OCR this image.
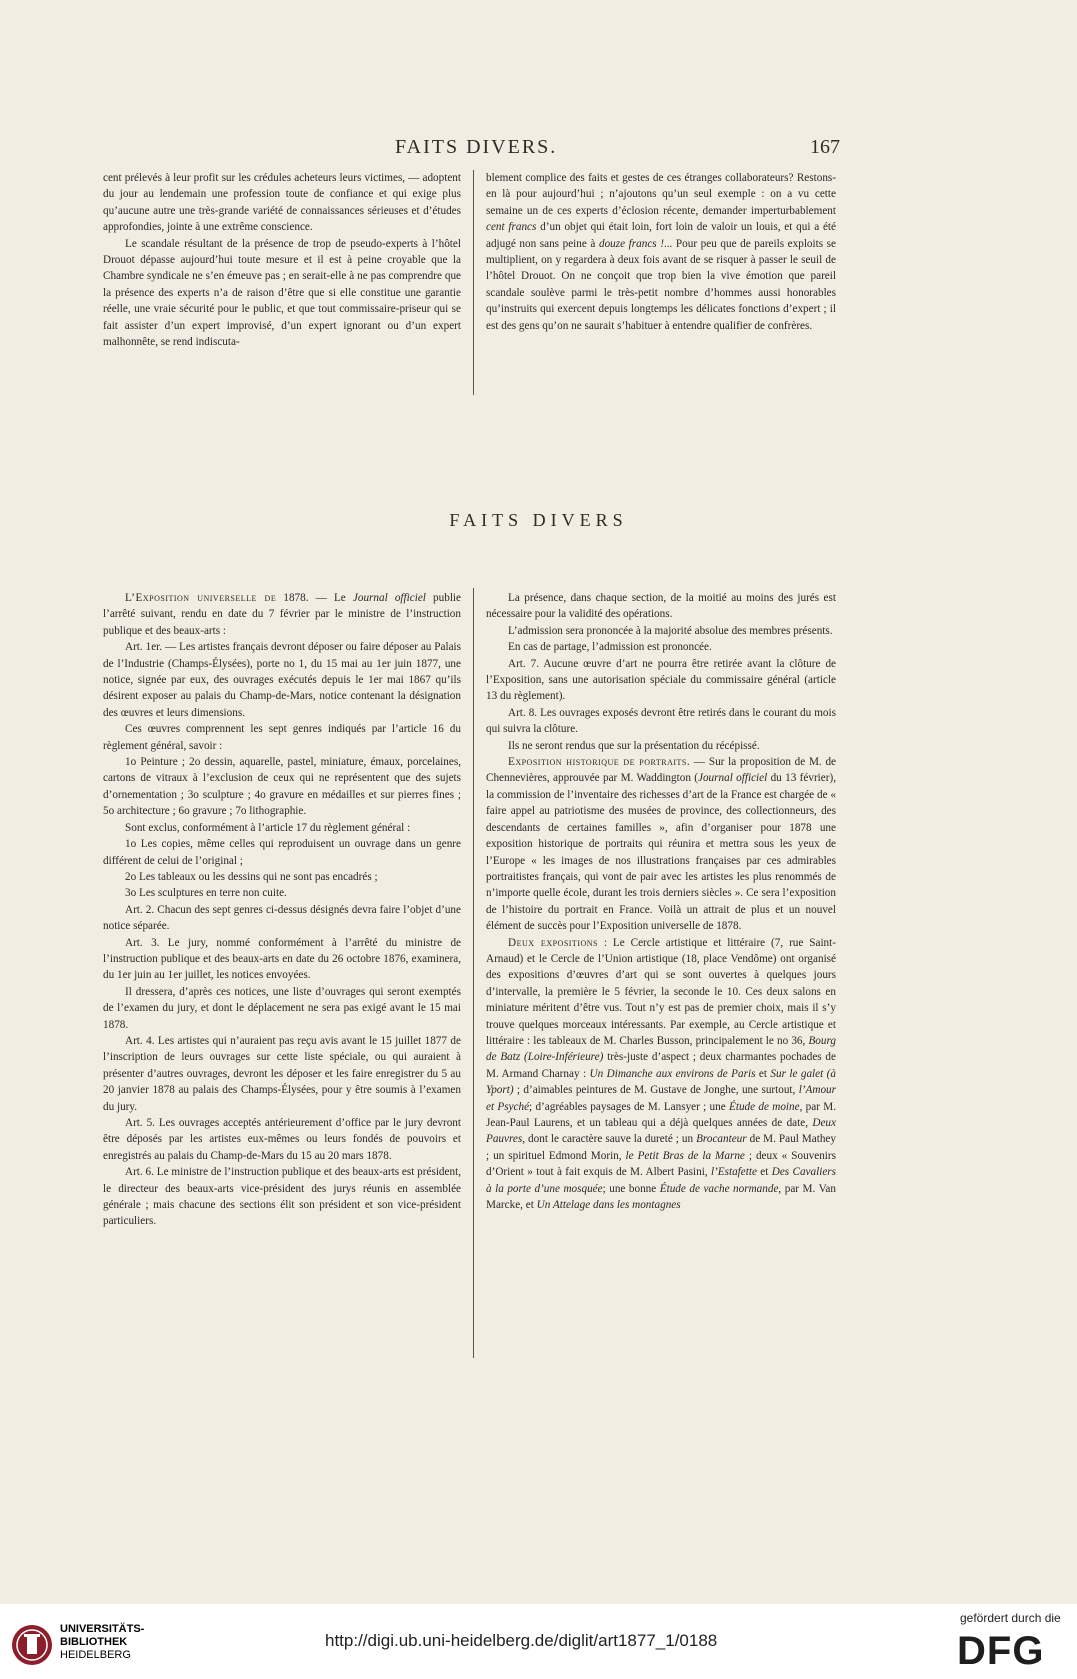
FAITS DIVERS.	167

cent prélevés à leur profit sur les crédules acheteurs leurs victimes, — adoptent du jour au lendemain une profession toute de confiance et qui exige plus qu’aucune autre une très-grande variété de connaissances sérieuses et d’études approfondies, jointe à une extrême conscience.

Le scandale résultant de la présence de trop de pseudo-experts à l’hôtel Drouot dépasse aujourd’hui toute mesure et il est à peine croyable que la Chambre syndicale ne s’en émeuve pas ; en serait-elle à ne pas comprendre que la présence des experts n’a de raison d’être que si elle constitue une garantie réelle, une vraie sécurité pour le public, et que tout commissaire-priseur qui se fait assister d’un expert improvisé, d’un expert ignorant ou d’un expert malhonnête, se rend indiscuta-

blement complice des faits et gestes de ces étranges collaborateurs? Restons-en là pour aujourd’hui ; n’ajoutons qu’un seul exemple : on a vu cette semaine un de ces experts d’éclosion récente, demander imperturbablement cent francs d’un objet qui était loin, fort loin de valoir un louis, et qui a été adjugé non sans peine à douze francs !... Pour peu que de pareils exploits se multiplient, on y regardera à deux fois avant de se risquer à passer le seuil de l’hôtel Drouot. On ne conçoit que trop bien la vive émotion que pareil scandale soulève parmi le très-petit nombre d’hommes aussi honorables qu’instruits qui exercent depuis longtemps les délicates fonctions d’expert ; il est des gens qu’on ne saurait s’habituer à entendre qualifier de confrères.

FAITS DIVERS

L’Exposition universelle de 1878. — Le Journal officiel publie l’arrêté suivant, rendu en date du 7 février par le ministre de l’instruction publique et des beaux-arts :

Art. 1er. — Les artistes français devront déposer ou faire déposer au Palais de l’Industrie (Champs-Élysées), porte no 1, du 15 mai au 1er juin 1877, une notice, signée par eux, des ouvrages exécutés depuis le 1er mai 1867 qu’ils désirent exposer au palais du Champ-de-Mars, notice contenant la désignation des œuvres et leurs dimensions.

Ces œuvres comprennent les sept genres indiqués par l’article 16 du règlement général, savoir :

1o Peinture ; 2o dessin, aquarelle, pastel, miniature, émaux, porcelaines, cartons de vitraux à l’exclusion de ceux qui ne représentent que des sujets d’ornementation ; 3o sculpture ; 4o gravure en médailles et sur pierres fines ; 5o architecture ; 6o gravure ; 7o lithographie.

Sont exclus, conformément à l’article 17 du règlement général :

1o Les copies, même celles qui reproduisent un ouvrage dans un genre différent de celui de l’original ;

2o Les tableaux ou les dessins qui ne sont pas encadrés ;

3o Les sculptures en terre non cuite.

Art. 2. Chacun des sept genres ci-dessus désignés devra faire l’objet d’une notice séparée.

Art. 3. Le jury, nommé conformément à l’arrêté du ministre de l’instruction publique et des beaux-arts en date du 26 octobre 1876, examinera, du 1er juin au 1er juillet, les notices envoyées.

Il dressera, d’après ces notices, une liste d’ouvrages qui seront exemptés de l’examen du jury, et dont le déplacement ne sera pas exigé avant le 15 mai 1878.

Art. 4. Les artistes qui n’auraient pas reçu avis avant le 15 juillet 1877 de l’inscription de leurs ouvrages sur cette liste spéciale, ou qui auraient à présenter d’autres ouvrages, devront les déposer et les faire enregistrer du 5 au 20 janvier 1878 au palais des Champs-Élysées, pour y être soumis à l’examen du jury.

Art. 5. Les ouvrages acceptés antérieurement d’office par le jury devront être déposés par les artistes eux-mêmes ou leurs fondés de pouvoirs et enregistrés au palais du Champ-de-Mars du 15 au 20 mars 1878.

Art. 6. Le ministre de l’instruction publique et des beaux-arts est président, le directeur des beaux-arts vice-président des jurys réunis en assemblée générale ; mais chacune des sections élit son président et son vice-président particuliers.

La présence, dans chaque section, de la moitié au moins des jurés est nécessaire pour la validité des opérations.

L’admission sera prononcée à la majorité absolue des membres présents.

En cas de partage, l’admission est prononcée.

Art. 7. Aucune œuvre d’art ne pourra être retirée avant la clôture de l’Exposition, sans une autorisation spéciale du commissaire général (article 13 du règlement).

Art. 8. Les ouvrages exposés devront être retirés dans le courant du mois qui suivra la clôture.

Ils ne seront rendus que sur la présentation du récépissé.

Exposition historique de portraits. — Sur la proposition de M. de Chennevières, approuvée par M. Waddington (Journal officiel du 13 février), la commission de l’inventaire des richesses d’art de la France est chargée de « faire appel au patriotisme des musées de province, des collectionneurs, des descendants de certaines familles », afin d’organiser pour 1878 une exposition historique de portraits qui réunira et mettra sous les yeux de l’Europe « les images de nos illustrations françaises par ces admirables portraitistes français, qui vont de pair avec les artistes les plus renommés de n’importe quelle école, durant les trois derniers siècles ». Ce sera l’exposition de l’histoire du portrait en France. Voilà un attrait de plus et un nouvel élément de succès pour l’Exposition universelle de 1878.

Deux expositions : Le Cercle artistique et littéraire (7, rue Saint-Arnaud) et le Cercle de l’Union artistique (18, place Vendôme) ont organisé des expositions d’œuvres d’art qui se sont ouvertes à quelques jours d’intervalle, la première le 5 février, la seconde le 10. Ces deux salons en miniature méritent d’être vus. Tout n’y est pas de premier choix, mais il s’y trouve quelques morceaux intéressants. Par exemple, au Cercle artistique et littéraire : les tableaux de M. Charles Busson, principalement le no 36, Bourg de Batz (Loire-Inférieure) très-juste d’aspect ; deux charmantes pochades de M. Armand Charnay : Un Dimanche aux environs de Paris et Sur le galet (à Yport) ; d’aimables peintures de M. Gustave de Jonghe, une surtout, l’Amour et Psyché; d’agréables paysages de M. Lansyer ; une Étude de moine, par M. Jean-Paul Laurens, et un tableau qui a déjà quelques années de date, Deux Pauvres, dont le caractère sauve la dureté ; un Brocanteur de M. Paul Mathey ; un spirituel Edmond Morin, le Petit Bras de la Marne ; deux « Souvenirs d’Orient » tout à fait exquis de M. Albert Pasini, l’Estafette et Des Cavaliers à la porte d’une mosquée; une bonne Étude de vache normande, par M. Van Marcke, et Un Attelage dans les montagnes

UNIVERSITÄTS-
BIBLIOTHEK
HEIDELBERG
http://digi.ub.uni-heidelberg.de/diglit/art1877_1/0188
gefördert durch die
DFG
